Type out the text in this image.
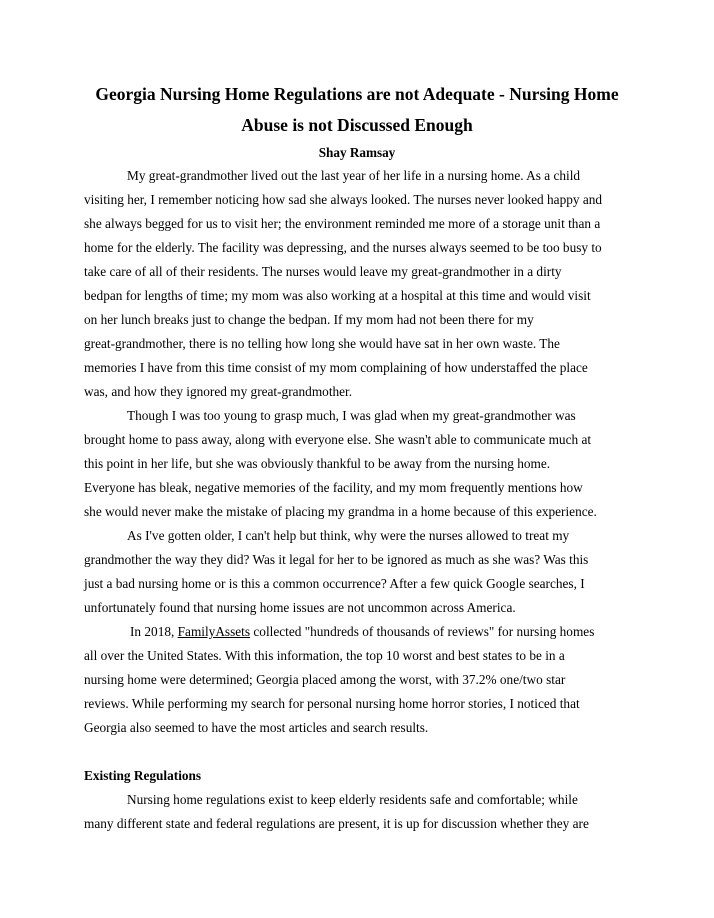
Georgia Nursing Home Regulations are not Adequate - Nursing Home
Abuse is not Discussed Enough
Shay Ramsay
My great-grandmother lived out the last year of her life in a nursing home. As a child
visiting her, I remember noticing how sad she always looked. The nurses never looked happy and
she always begged for us to visit her; the environment reminded me more of a storage unit than a
home for the elderly. The facility was depressing, and the nurses always seemed to be too busy to
take care of all of their residents. The nurses would leave my great-grandmother in a dirty
bedpan for lengths of time; my mom was also working at a hospital at this time and would visit
on her lunch breaks just to change the bedpan. If my mom had not been there for my
great-grandmother, there is no telling how long she would have sat in her own waste. The
memories I have from this time consist of my mom complaining of how understaffed the place
was, and how they ignored my great-grandmother.
Though I was too young to grasp much, I was glad when my great-grandmother was
brought home to pass away, along with everyone else. She wasn't able to communicate much at
this point in her life, but she was obviously thankful to be away from the nursing home.
Everyone has bleak, negative memories of the facility, and my mom frequently mentions how
she would never make the mistake of placing my grandma in a home because of this experience.
As I've gotten older, I can't help but think, why were the nurses allowed to treat my
grandmother the way they did? Was it legal for her to be ignored as much as she was? Was this
just a bad nursing home or is this a common occurrence? After a few quick Google searches, I
unfortunately found that nursing home issues are not uncommon across America.
In 2018, FamilyAssets collected "hundreds of thousands of reviews" for nursing homes
all over the United States. With this information, the top 10 worst and best states to be in a
nursing home were determined; Georgia placed among the worst, with 37.2% one/two star
reviews. While performing my search for personal nursing home horror stories, I noticed that
Georgia also seemed to have the most articles and search results.
Existing Regulations
Nursing home regulations exist to keep elderly residents safe and comfortable; while
many different state and federal regulations are present, it is up for discussion whether they are
